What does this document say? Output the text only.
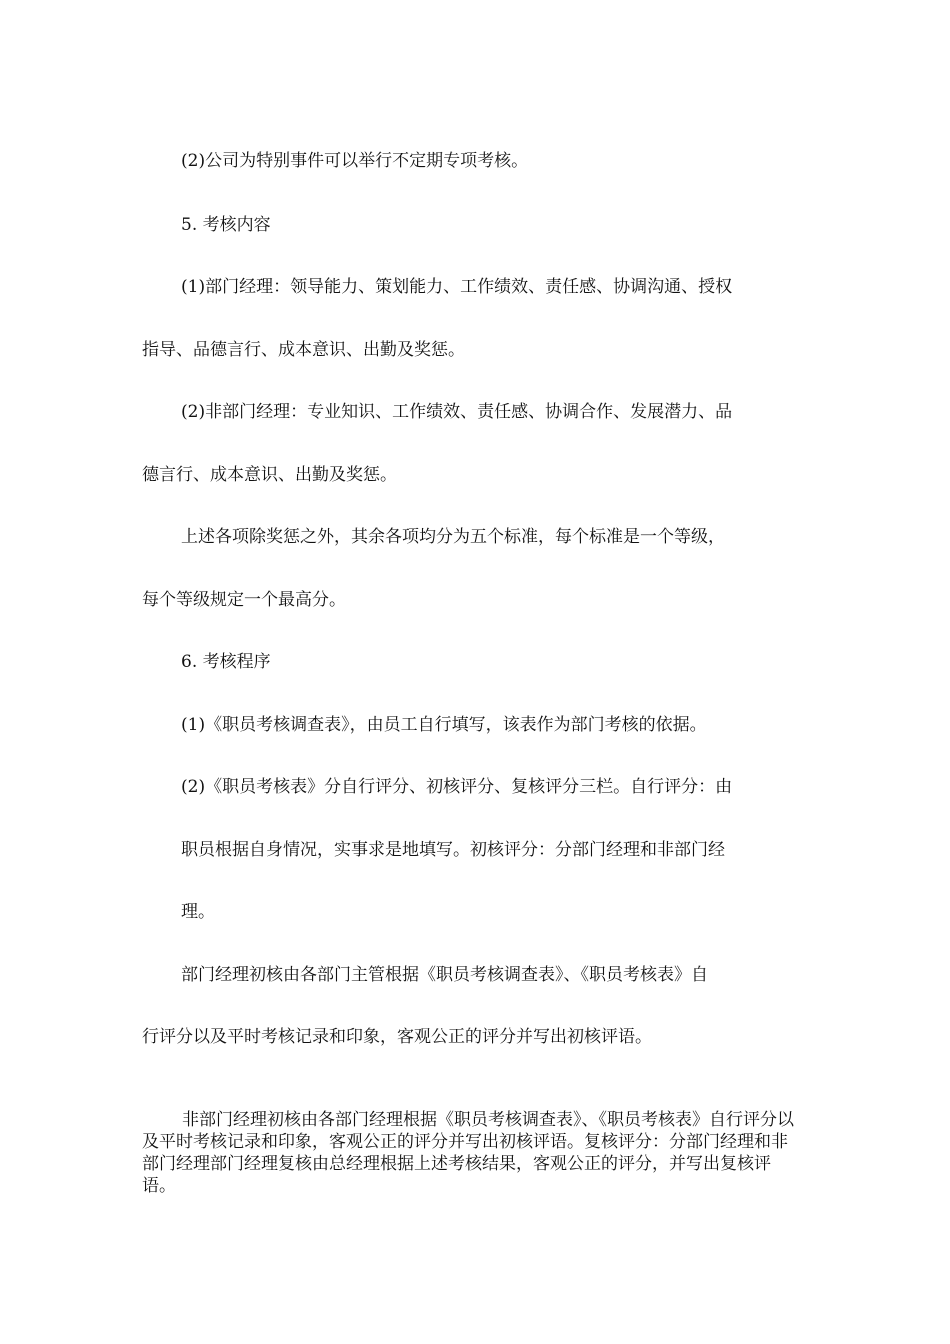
(2)公司为特别事件可以举行不定期专项考核。
5. 考核内容
(1)部门经理：领导能力、策划能力、工作绩效、责任感、协调沟通、授权
指导、品德言行、成本意识、出勤及奖惩。
(2)非部门经理：专业知识、工作绩效、责任感、协调合作、发展潜力、品
德言行、成本意识、出勤及奖惩。
上述各项除奖惩之外，其余各项均分为五个标准，每个标准是一个等级，
每个等级规定一个最高分。
6. 考核程序
(1)《职员考核调查表》，由员工自行填写，该表作为部门考核的依据。
(2)《职员考核表》分自行评分、初核评分、复核评分三栏。自行评分：由
职员根据自身情况，实事求是地填写。初核评分：分部门经理和非部门经
理。
部门经理初核由各部门主管根据《职员考核调查表》、《职员考核表》自
行评分以及平时考核记录和印象，客观公正的评分并写出初核评语。
非部门经理初核由各部门经理根据《职员考核调查表》、《职员考核表》自行评分以及平时考核记录和印象，客观公正的评分并写出初核评语。复核评分：分部门经理和非部门经理部门经理复核由总经理根据上述考核结果，客观公正的评分，并写出复核评语。
